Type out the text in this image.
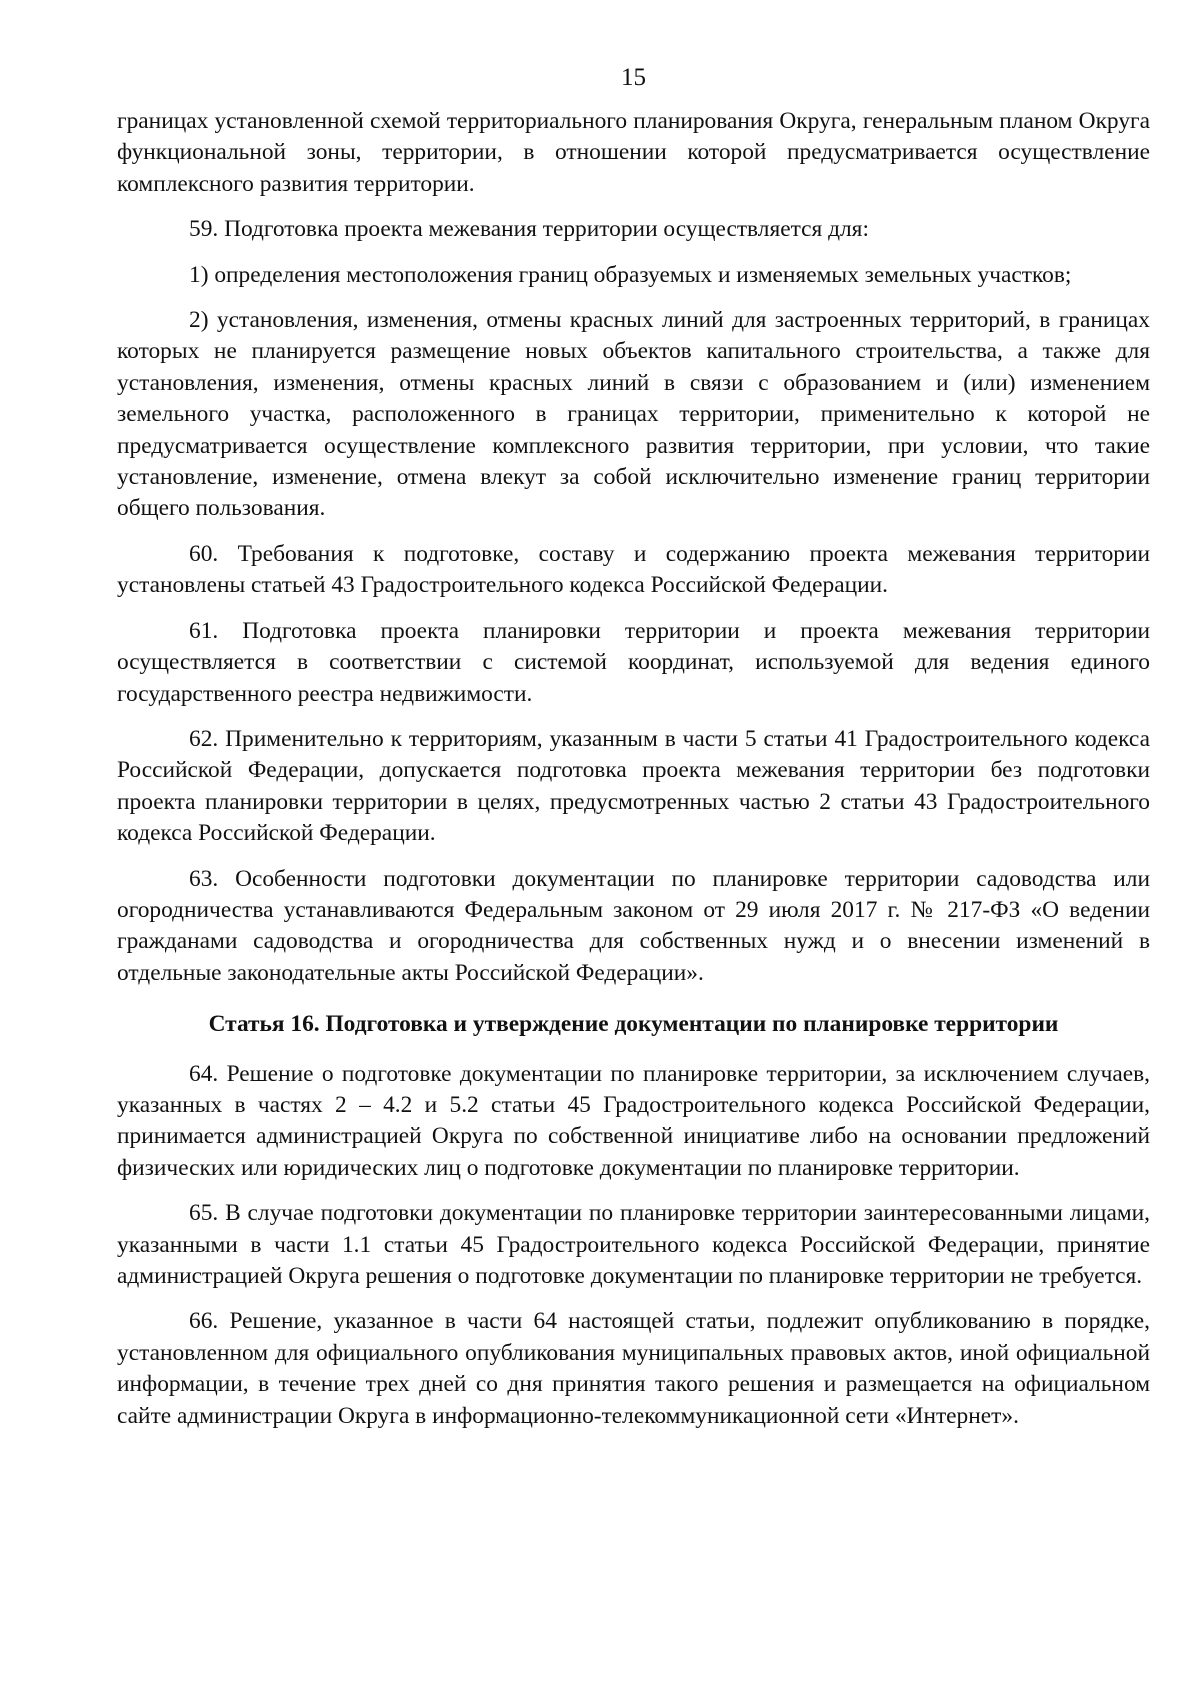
15

границах установленной схемой территориального планирования Округа, генеральным планом Округа функциональной зоны, территории, в отношении которой предусматривается осуществление комплексного развития территории.

59. Подготовка проекта межевания территории осуществляется для:

1) определения местоположения границ образуемых и изменяемых земельных участков;

2) установления, изменения, отмены красных линий для застроенных территорий, в границах которых не планируется размещение новых объектов капитального строительства, а также для установления, изменения, отмены красных линий в связи с образованием и (или) изменением земельного участка, расположенного в границах территории, применительно к которой не предусматривается осуществление комплексного развития территории, при условии, что такие установление, изменение, отмена влекут за собой исключительно изменение границ территории общего пользования.

60. Требования к подготовке, составу и содержанию проекта межевания территории установлены статьей 43 Градостроительного кодекса Российской Федерации.

61. Подготовка проекта планировки территории и проекта межевания территории осуществляется в соответствии с системой координат, используемой для ведения единого государственного реестра недвижимости.

62. Применительно к территориям, указанным в части 5 статьи 41 Градостроительного кодекса Российской Федерации, допускается подготовка проекта межевания территории без подготовки проекта планировки территории в целях, предусмотренных частью 2 статьи 43 Градостроительного кодекса Российской Федерации.

63. Особенности подготовки документации по планировке территории садоводства или огородничества устанавливаются Федеральным законом от 29 июля 2017 г. № 217-ФЗ «О ведении гражданами садоводства и огородничества для собственных нужд и о внесении изменений в отдельные законодательные акты Российской Федерации».

Статья 16. Подготовка и утверждение документации по планировке территории

64. Решение о подготовке документации по планировке территории, за исключением случаев, указанных в частях 2 – 4.2 и 5.2 статьи 45 Градостроительного кодекса Российской Федерации, принимается администрацией Округа по собственной инициативе либо на основании предложений физических или юридических лиц о подготовке документации по планировке территории.

65. В случае подготовки документации по планировке территории заинтересованными лицами, указанными в части 1.1 статьи 45 Градостроительного кодекса Российской Федерации, принятие администрацией Округа решения о подготовке документации по планировке территории не требуется.

66. Решение, указанное в части 64 настоящей статьи, подлежит опубликованию в порядке, установленном для официального опубликования муниципальных правовых актов, иной официальной информации, в течение трех дней со дня принятия такого решения и размещается на официальном сайте администрации Округа в информационно-телекоммуникационной сети «Интернет».
